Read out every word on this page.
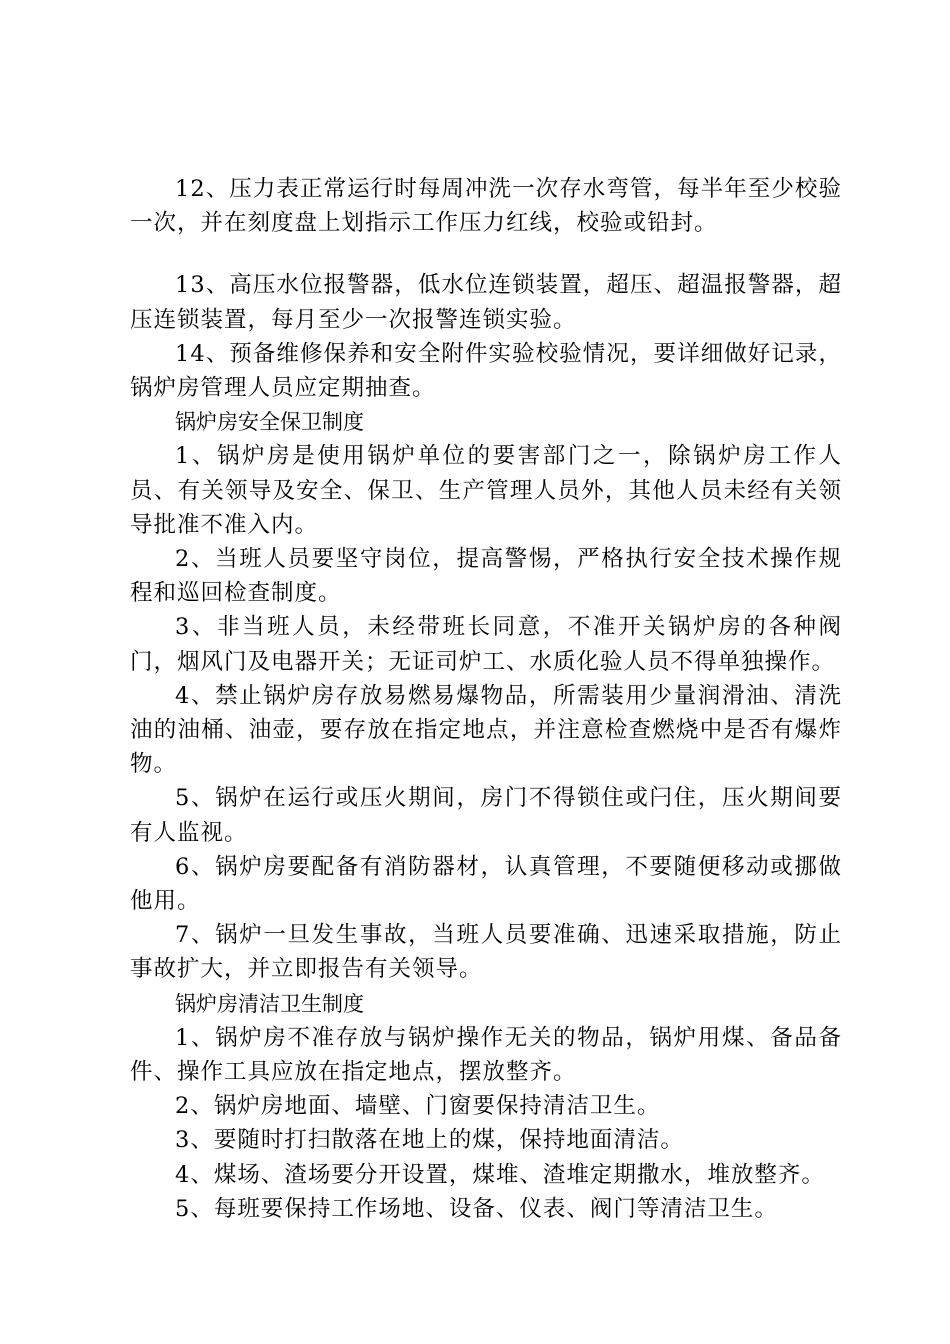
12、压力表正常运行时每周冲洗一次存水弯管，每半年至少校验一次，并在刻度盘上划指示工作压力红线，校验或铅封。

13、高压水位报警器，低水位连锁装置，超压、超温报警器，超压连锁装置，每月至少一次报警连锁实验。

14、预备维修保养和安全附件实验校验情况，要详细做好记录，锅炉房管理人员应定期抽查。

锅炉房安全保卫制度

1、锅炉房是使用锅炉单位的要害部门之一，除锅炉房工作人员、有关领导及安全、保卫、生产管理人员外，其他人员未经有关领导批准不准入内。

2、当班人员要坚守岗位，提高警惕，严格执行安全技术操作规程和巡回检查制度。

3、非当班人员，未经带班长同意，不准开关锅炉房的各种阀门，烟风门及电器开关；无证司炉工、水质化验人员不得单独操作。

4、禁止锅炉房存放易燃易爆物品，所需装用少量润滑油、清洗油的油桶、油壶，要存放在指定地点，并注意检查燃烧中是否有爆炸物。

5、锅炉在运行或压火期间，房门不得锁住或闩住，压火期间要有人监视。

6、锅炉房要配备有消防器材，认真管理，不要随便移动或挪做他用。

7、锅炉一旦发生事故，当班人员要准确、迅速采取措施，防止事故扩大，并立即报告有关领导。

锅炉房清洁卫生制度

1、锅炉房不准存放与锅炉操作无关的物品，锅炉用煤、备品备件、操作工具应放在指定地点，摆放整齐。

2、锅炉房地面、墙壁、门窗要保持清洁卫生。

3、要随时打扫散落在地上的煤，保持地面清洁。

4、煤场、渣场要分开设置，煤堆、渣堆定期撒水，堆放整齐。

5、每班要保持工作场地、设备、仪表、阀门等清洁卫生。
